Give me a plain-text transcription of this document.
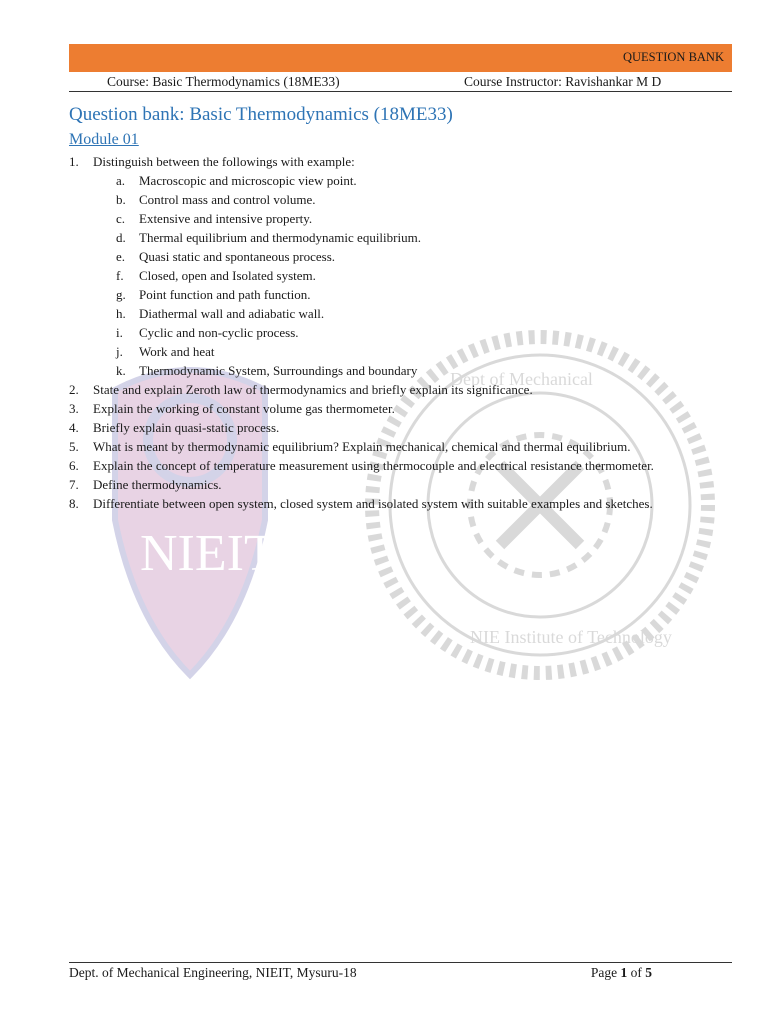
NIEIT
Dept of Mechanical
NIE Institute of Technology
QUESTION BANK
Course: Basic Thermodynamics (18ME33)	Course Instructor: Ravishankar M D
Question bank: Basic Thermodynamics (18ME33)
Module 01
1. Distinguish between the followings with example:
a. Macroscopic and microscopic view point.
b. Control mass and control volume.
c. Extensive and intensive property.
d. Thermal equilibrium and thermodynamic equilibrium.
e. Quasi static and spontaneous process.
f. Closed, open and Isolated system.
g. Point function and path function.
h. Diathermal wall and adiabatic wall.
i. Cyclic and non-cyclic process.
j. Work and heat
k. Thermodynamic System, Surroundings and boundary
2. State and explain Zeroth law of thermodynamics and briefly explain its significance.
3. Explain the working of constant volume gas thermometer.
4. Briefly explain quasi-static process.
5. What is meant by thermodynamic equilibrium? Explain mechanical, chemical and thermal equilibrium.
6. Explain the concept of temperature measurement using thermocouple and electrical resistance thermometer.
7. Define thermodynamics.
8. Differentiate between open system, closed system and isolated system with suitable examples and sketches.
Dept. of Mechanical Engineering, NIEIT, Mysuru-18	Page 1 of 5
